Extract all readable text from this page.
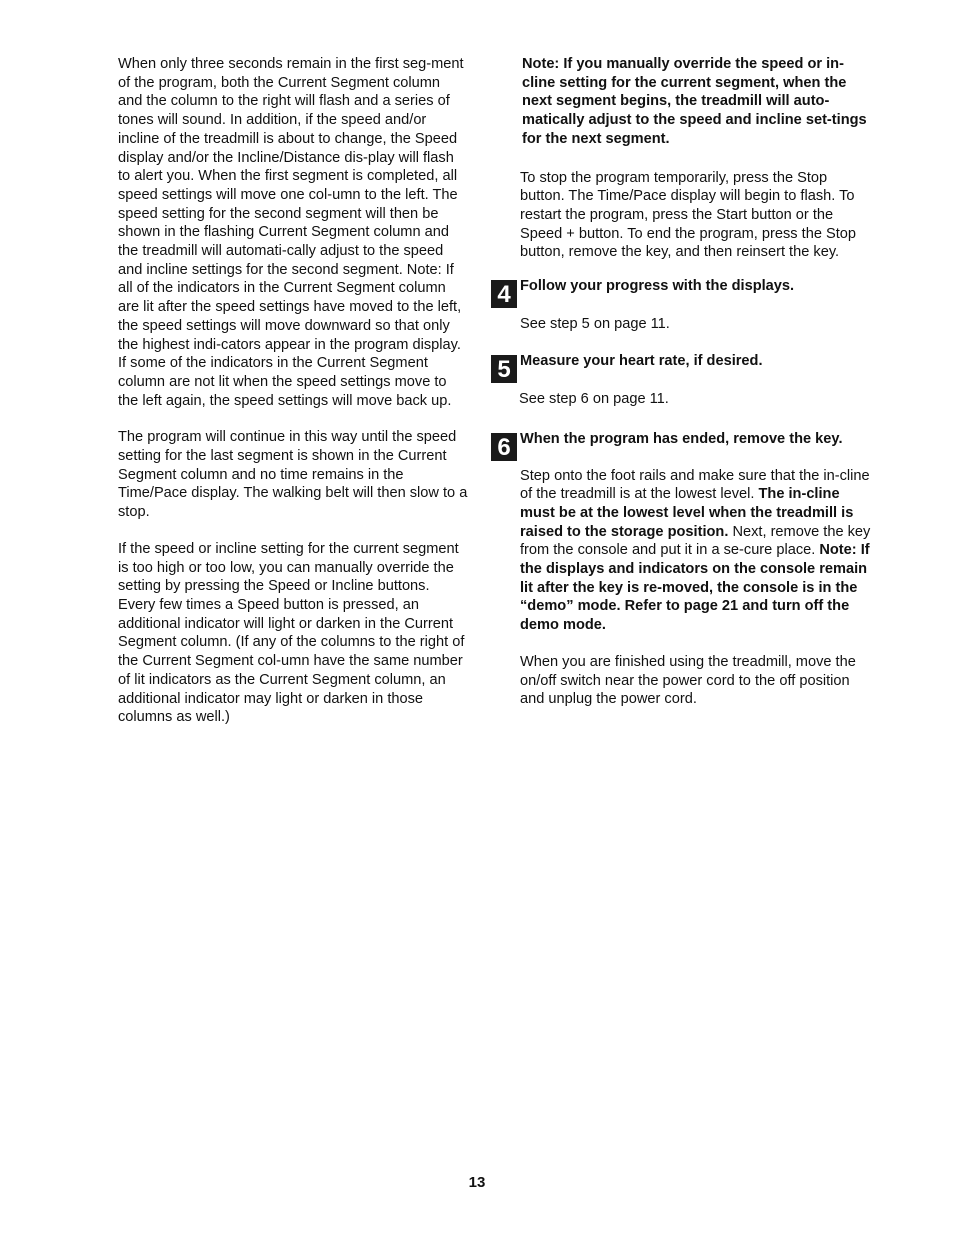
When only three seconds remain in the first seg-ment of the program, both the Current Segment column and the column to the right will flash and a series of tones will sound. In addition, if the speed and/or incline of the treadmill is about to change, the Speed display and/or the Incline/Distance dis-play will flash to alert you. When the first segment is completed, all speed settings will move one col-umn to the left. The speed setting for the second segment will then be shown in the flashing Current Segment column and the treadmill will automati-cally adjust to the speed and incline settings for the second segment. Note: If all of the indicators in the Current Segment column are lit after the speed settings have moved to the left, the speed settings will move downward so that only the highest indi-cators appear in the program display. If some of the indicators in the Current Segment column are not lit when the speed settings move to the left again, the speed settings will move back up.

The program will continue in this way until the speed setting for the last segment is shown in the Current Segment column and no time remains in the Time/Pace display. The walking belt will then slow to a stop.

If the speed or incline setting for the current segment is too high or too low, you can manually override the setting by pressing the Speed or Incline buttons. Every few times a Speed button is pressed, an additional indicator will light or darken in the Current Segment column. (If any of the columns to the right of the Current Segment col-umn have the same number of lit indicators as the Current Segment column, an additional indicator may light or darken in those columns as well.)

Note: If you manually override the speed or in-cline setting for the current segment, when the next segment begins, the treadmill will auto-matically adjust to the speed and incline set-tings for the next segment.

To stop the program temporarily, press the Stop button. The Time/Pace display will begin to flash. To restart the program, press the Start button or the Speed + button. To end the program, press the Stop button, remove the key, and then reinsert the key.

4 Follow your progress with the displays.

See step 5 on page 11.

5 Measure your heart rate, if desired.

See step 6 on page 11.

6 When the program has ended, remove the key.

Step onto the foot rails and make sure that the in-cline of the treadmill is at the lowest level. The in-cline must be at the lowest level when the treadmill is raised to the storage position. Next, remove the key from the console and put it in a se-cure place. Note: If the displays and indicators on the console remain lit after the key is re-moved, the console is in the “demo” mode. Refer to page 21 and turn off the demo mode.

When you are finished using the treadmill, move the on/off switch near the power cord to the off position and unplug the power cord.

13
